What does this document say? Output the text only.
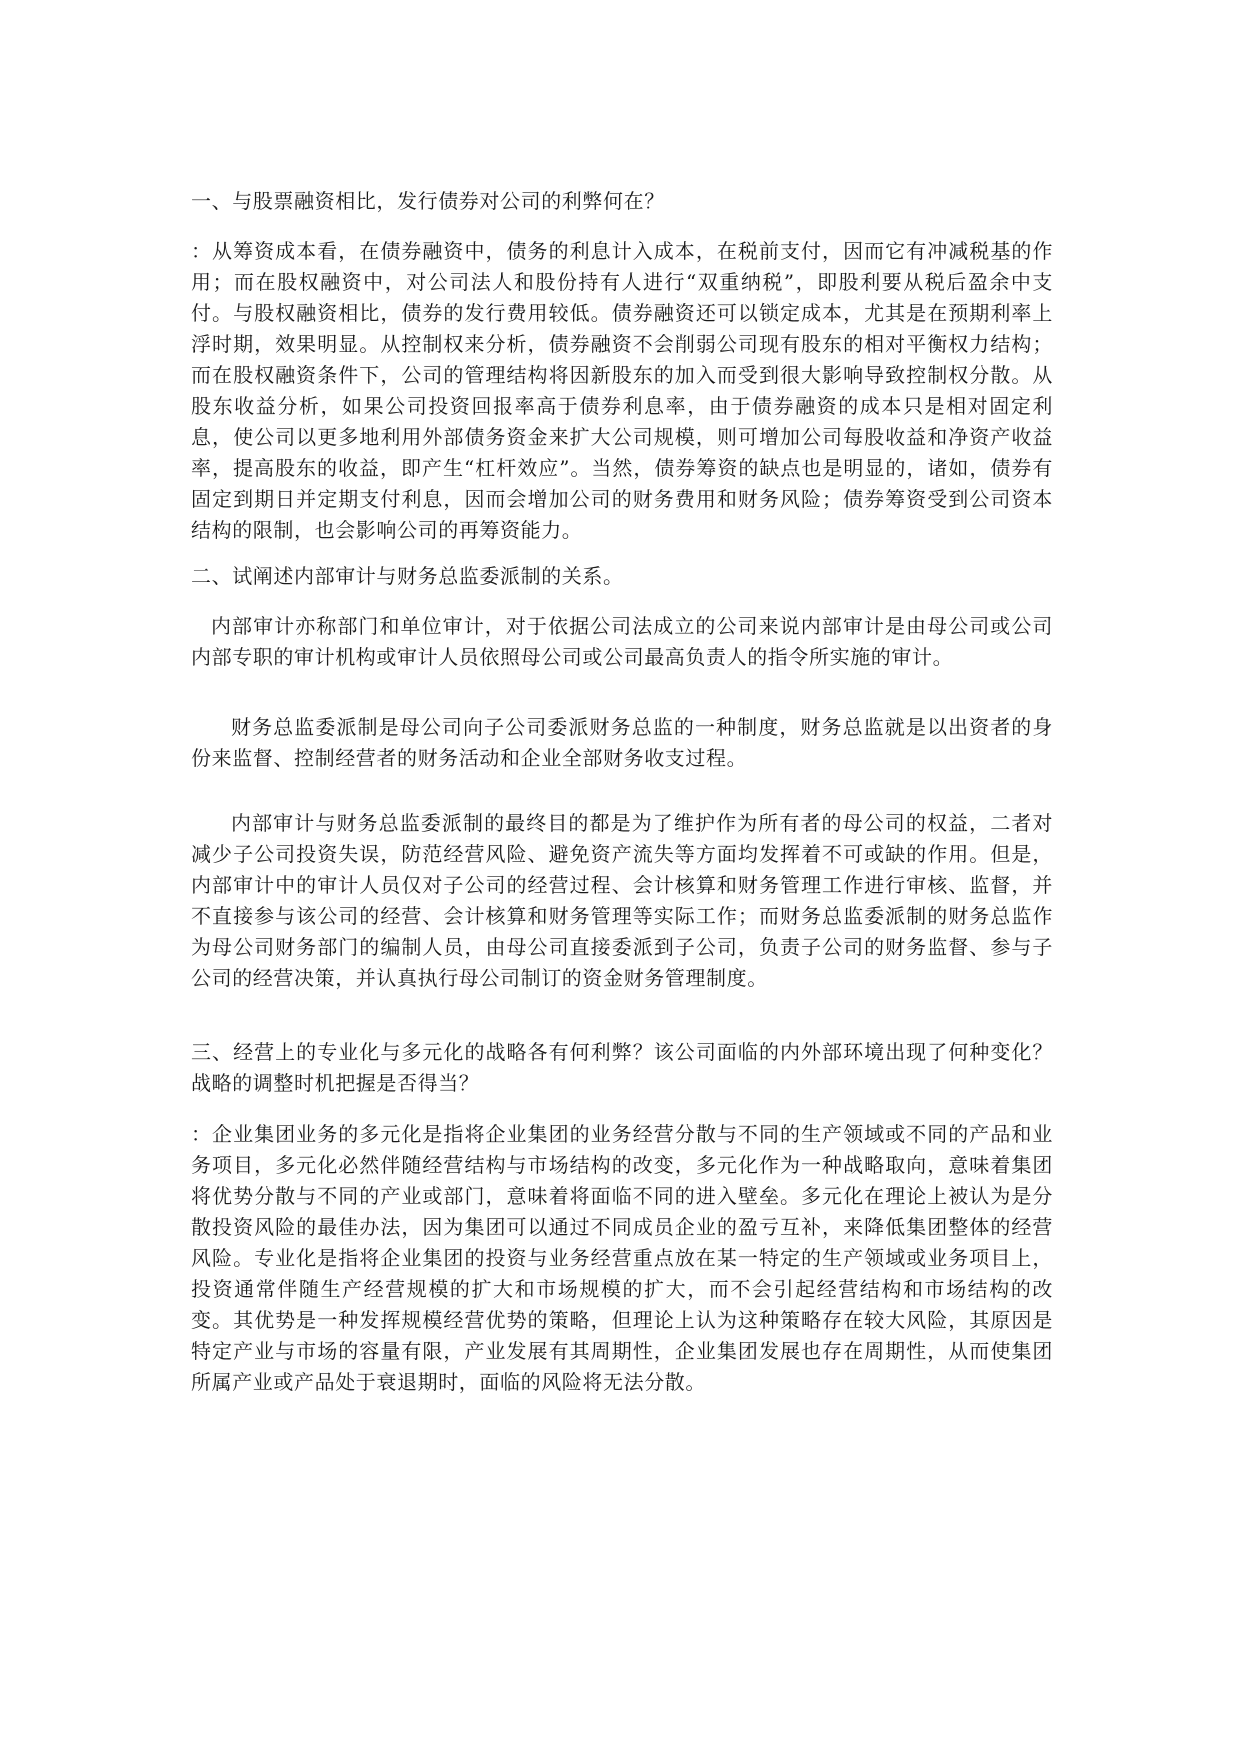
一、与股票融资相比，发行债券对公司的利弊何在？

：从筹资成本看，在债券融资中，债务的利息计入成本，在税前支付，因而它有冲减税基的作用；而在股权融资中，对公司法人和股份持有人进行“双重纳税”，即股利要从税后盈余中支付。与股权融资相比，债券的发行费用较低。债券融资还可以锁定成本，尤其是在预期利率上浮时期，效果明显。从控制权来分析，债券融资不会削弱公司现有股东的相对平衡权力结构；而在股权融资条件下，公司的管理结构将因新股东的加入而受到很大影响导致控制权分散。从股东收益分析，如果公司投资回报率高于债券利息率，由于债券融资的成本只是相对固定利息，使公司以更多地利用外部债务资金来扩大公司规模，则可增加公司每股收益和净资产收益率，提高股东的收益，即产生“杠杆效应”。当然，债券筹资的缺点也是明显的，诸如，债券有固定到期日并定期支付利息，因而会增加公司的财务费用和财务风险；债券筹资受到公司资本结构的限制，也会影响公司的再筹资能力。

二、试阐述内部审计与财务总监委派制的关系。

内部审计亦称部门和单位审计，对于依据公司法成立的公司来说内部审计是由母公司或公司内部专职的审计机构或审计人员依照母公司或公司最高负责人的指令所实施的审计。

财务总监委派制是母公司向子公司委派财务总监的一种制度，财务总监就是以出资者的身份来监督、控制经营者的财务活动和企业全部财务收支过程。

内部审计与财务总监委派制的最终目的都是为了维护作为所有者的母公司的权益，二者对减少子公司投资失误，防范经营风险、避免资产流失等方面均发挥着不可或缺的作用。但是，内部审计中的审计人员仅对子公司的经营过程、会计核算和财务管理工作进行审核、监督，并不直接参与该公司的经营、会计核算和财务管理等实际工作；而财务总监委派制的财务总监作为母公司财务部门的编制人员，由母公司直接委派到子公司，负责子公司的财务监督、参与子公司的经营决策，并认真执行母公司制订的资金财务管理制度。

三、经营上的专业化与多元化的战略各有何利弊？该公司面临的内外部环境出现了何种变化？战略的调整时机把握是否得当？

：企业集团业务的多元化是指将企业集团的业务经营分散与不同的生产领域或不同的产品和业务项目，多元化必然伴随经营结构与市场结构的改变，多元化作为一种战略取向，意味着集团将优势分散与不同的产业或部门，意味着将面临不同的进入壁垒。多元化在理论上被认为是分散投资风险的最佳办法，因为集团可以通过不同成员企业的盈亏互补，来降低集团整体的经营风险。专业化是指将企业集团的投资与业务经营重点放在某一特定的生产领域或业务项目上，投资通常伴随生产经营规模的扩大和市场规模的扩大，而不会引起经营结构和市场结构的改变。其优势是一种发挥规模经营优势的策略，但理论上认为这种策略存在较大风险，其原因是特定产业与市场的容量有限，产业发展有其周期性，企业集团发展也存在周期性，从而使集团所属产业或产品处于衰退期时，面临的风险将无法分散。
